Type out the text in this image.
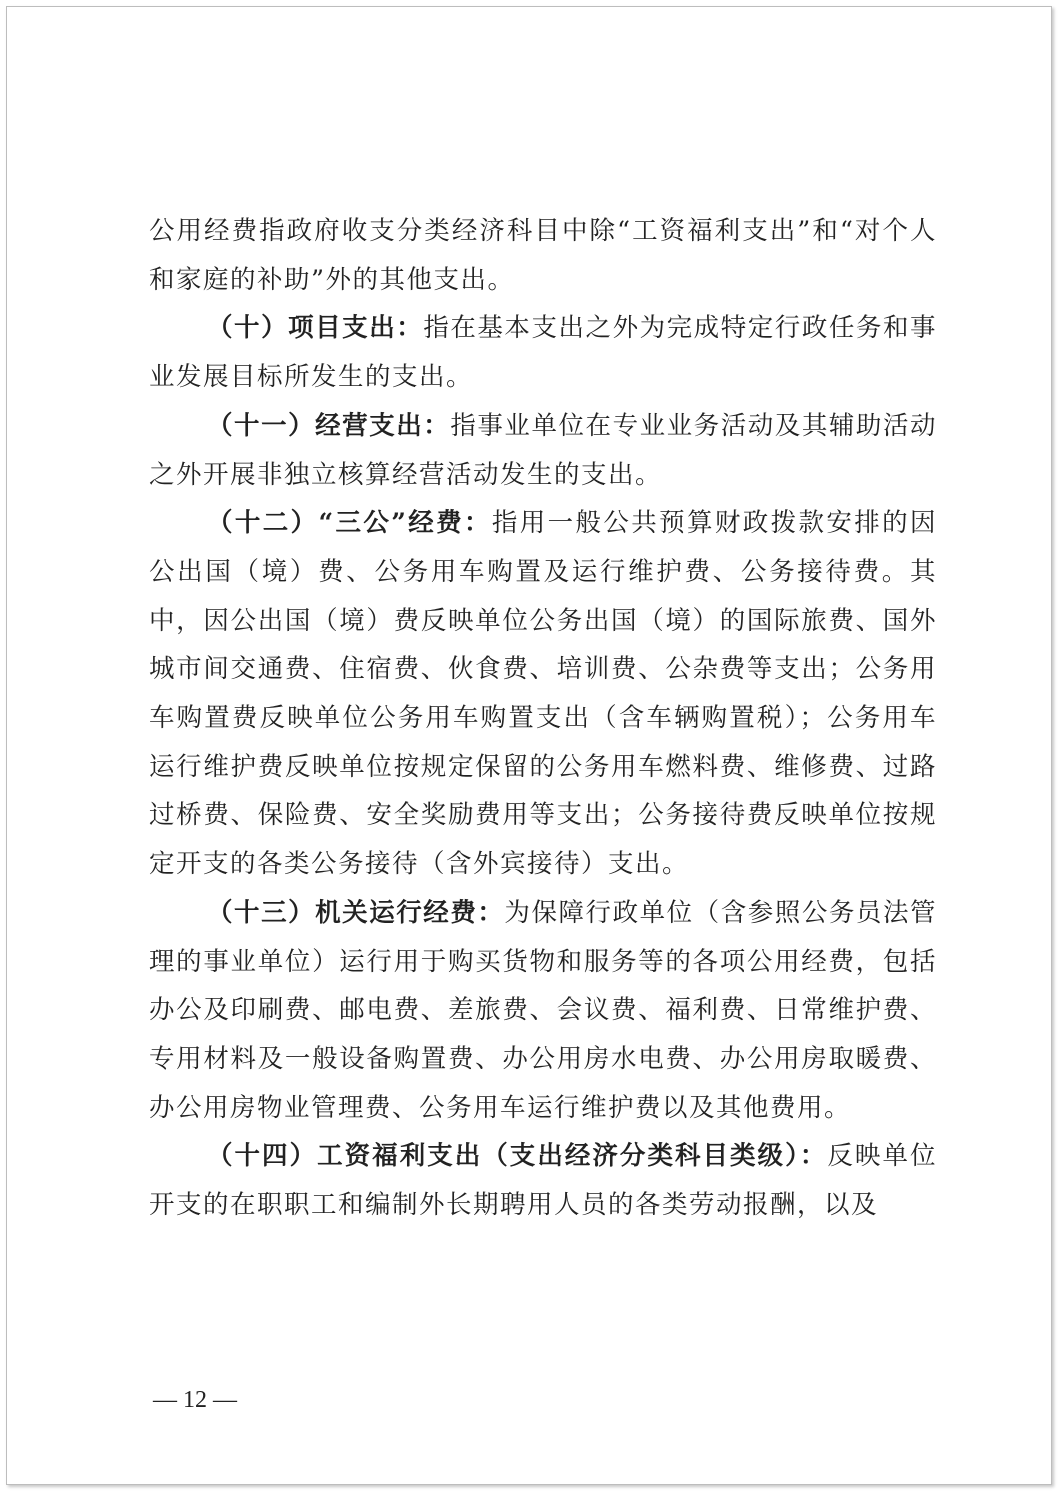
公用经费指政府收支分类经济科目中除“工资福利支出”和“对个人和家庭的补助”外的其他支出。

（十）项目支出：指在基本支出之外为完成特定行政任务和事业发展目标所发生的支出。

（十一）经营支出：指事业单位在专业业务活动及其辅助活动之外开展非独立核算经营活动发生的支出。

（十二）“三公”经费：指用一般公共预算财政拨款安排的因公出国（境）费、公务用车购置及运行维护费、公务接待费。其中，因公出国（境）费反映单位公务出国（境）的国际旅费、国外城市间交通费、住宿费、伙食费、培训费、公杂费等支出；公务用车购置费反映单位公务用车购置支出（含车辆购置税）；公务用车运行维护费反映单位按规定保留的公务用车燃料费、维修费、过路过桥费、保险费、安全奖励费用等支出；公务接待费反映单位按规定开支的各类公务接待（含外宾接待）支出。

（十三）机关运行经费：为保障行政单位（含参照公务员法管理的事业单位）运行用于购买货物和服务等的各项公用经费，包括办公及印刷费、邮电费、差旅费、会议费、福利费、日常维护费、专用材料及一般设备购置费、办公用房水电费、办公用房取暖费、办公用房物业管理费、公务用车运行维护费以及其他费用。

（十四）工资福利支出（支出经济分类科目类级）：反映单位开支的在职职工和编制外长期聘用人员的各类劳动报酬，以及

— 12 —
